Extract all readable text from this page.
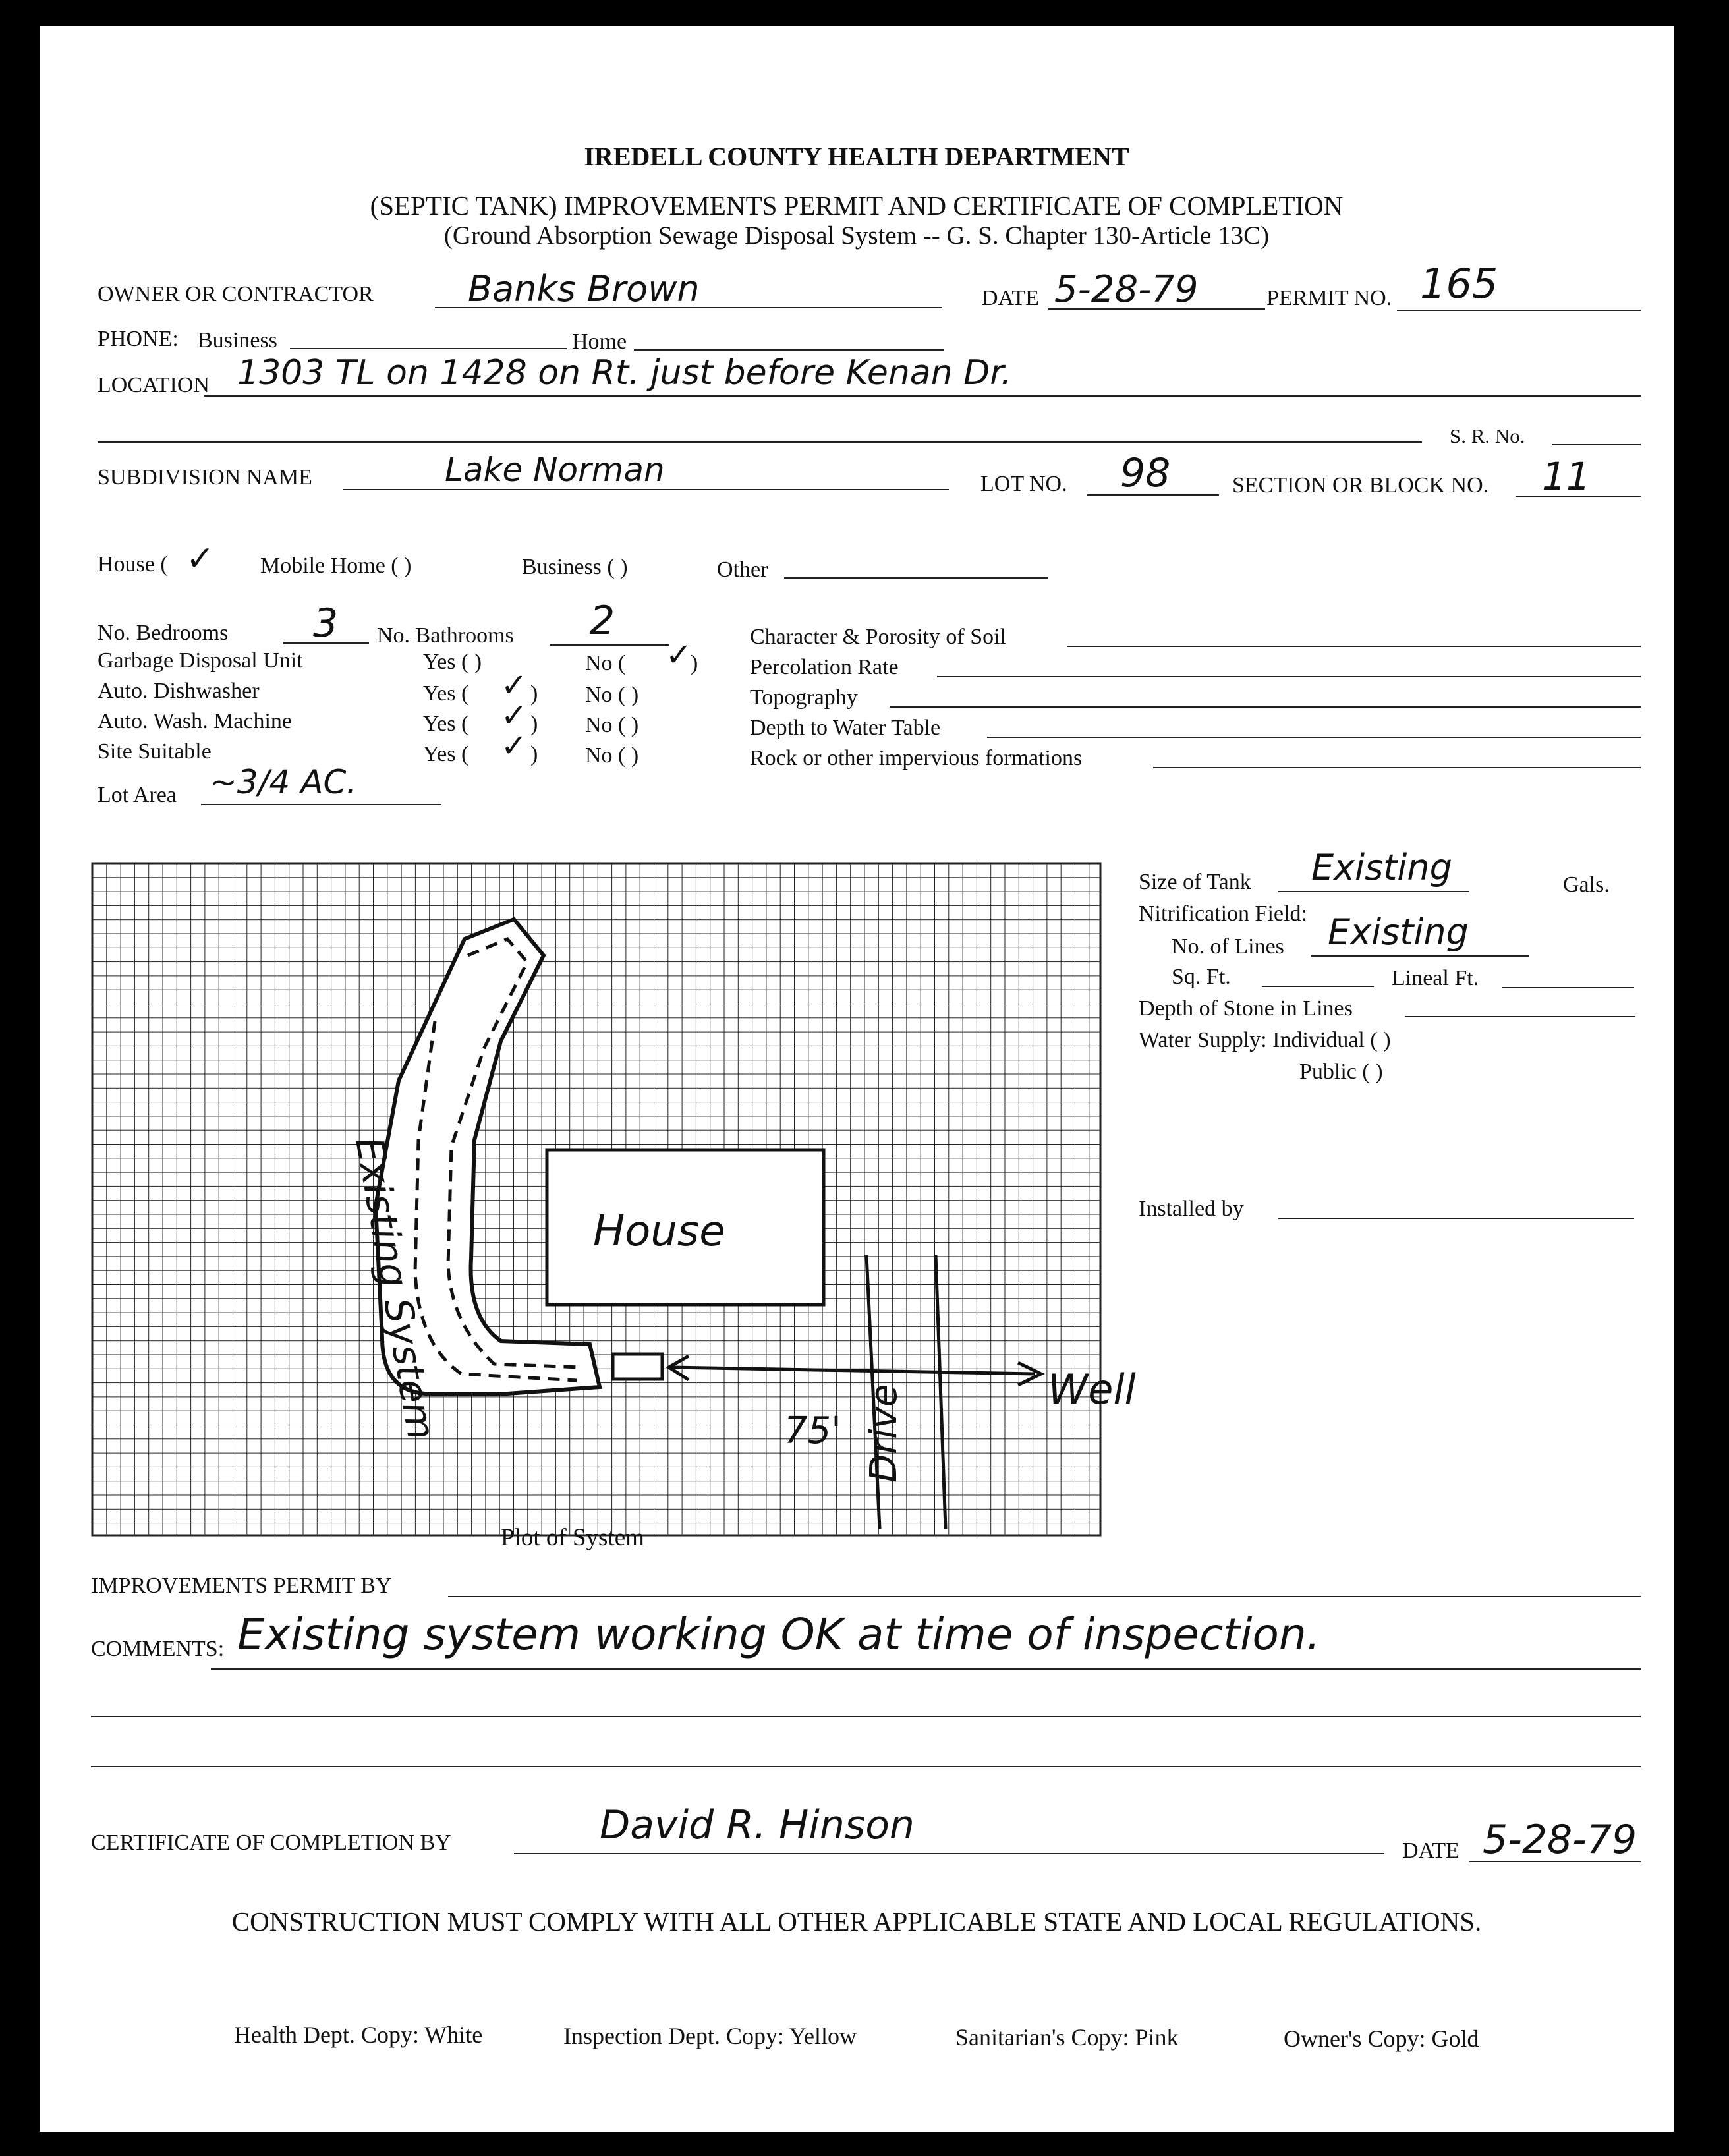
IREDELL COUNTY HEALTH DEPARTMENT
(SEPTIC TANK) IMPROVEMENTS PERMIT AND CERTIFICATE OF COMPLETION
(Ground Absorption Sewage Disposal System -- G. S. Chapter 130-Article 13C)
OWNER OR CONTRACTOR	Banks Brown	DATE 5-28-79	PERMIT NO. 165
PHONE: Business	Home
LOCATION 1303 TL on 1428 on Rt. just before Kenan Dr.
S. R. No.
SUBDIVISION NAME	Lake Norman	LOT NO. 98	SECTION OR BLOCK NO. 11
House ( ✓ Mobile Home ( )	Business ( )	Other
No. Bedrooms 3 No. Bathrooms 2
Garbage Disposal Unit	Yes ( )	No ( ✓
)
Auto. Dishwasher	Yes ( ✓ ) No ( )
Auto. Wash. Machine	Yes ( ✓ ) No ( )
Site Suitable	Yes ( ✓ ) No ( )
Character & Porosity of Soil
Percolation Rate
Topography
Depth to Water Table
Rock or other impervious formations
Lot Area ~3/4 AC.
House
Existing System	75' Drive	Well
Plot of System
Size of Tank Existing	Gals.
Nitrification Field:
No. of Lines Existing
Sq. Ft.	Lineal Ft.
Depth of Stone in Lines
Water Supply: Individual ( )
Public ( )
Installed by
IMPROVEMENTS PERMIT BY
COMMENTS: Existing system working OK at time of inspection.
CERTIFICATE OF COMPLETION BY	David R. Hinson
DATE 5-28-79
CONSTRUCTION MUST COMPLY WITH ALL OTHER APPLICABLE STATE AND LOCAL REGULATIONS.
Health Dept. Copy: White	Inspection Dept. Copy: Yellow	Sanitarian's Copy: Pink	Owner's Copy: Gold
